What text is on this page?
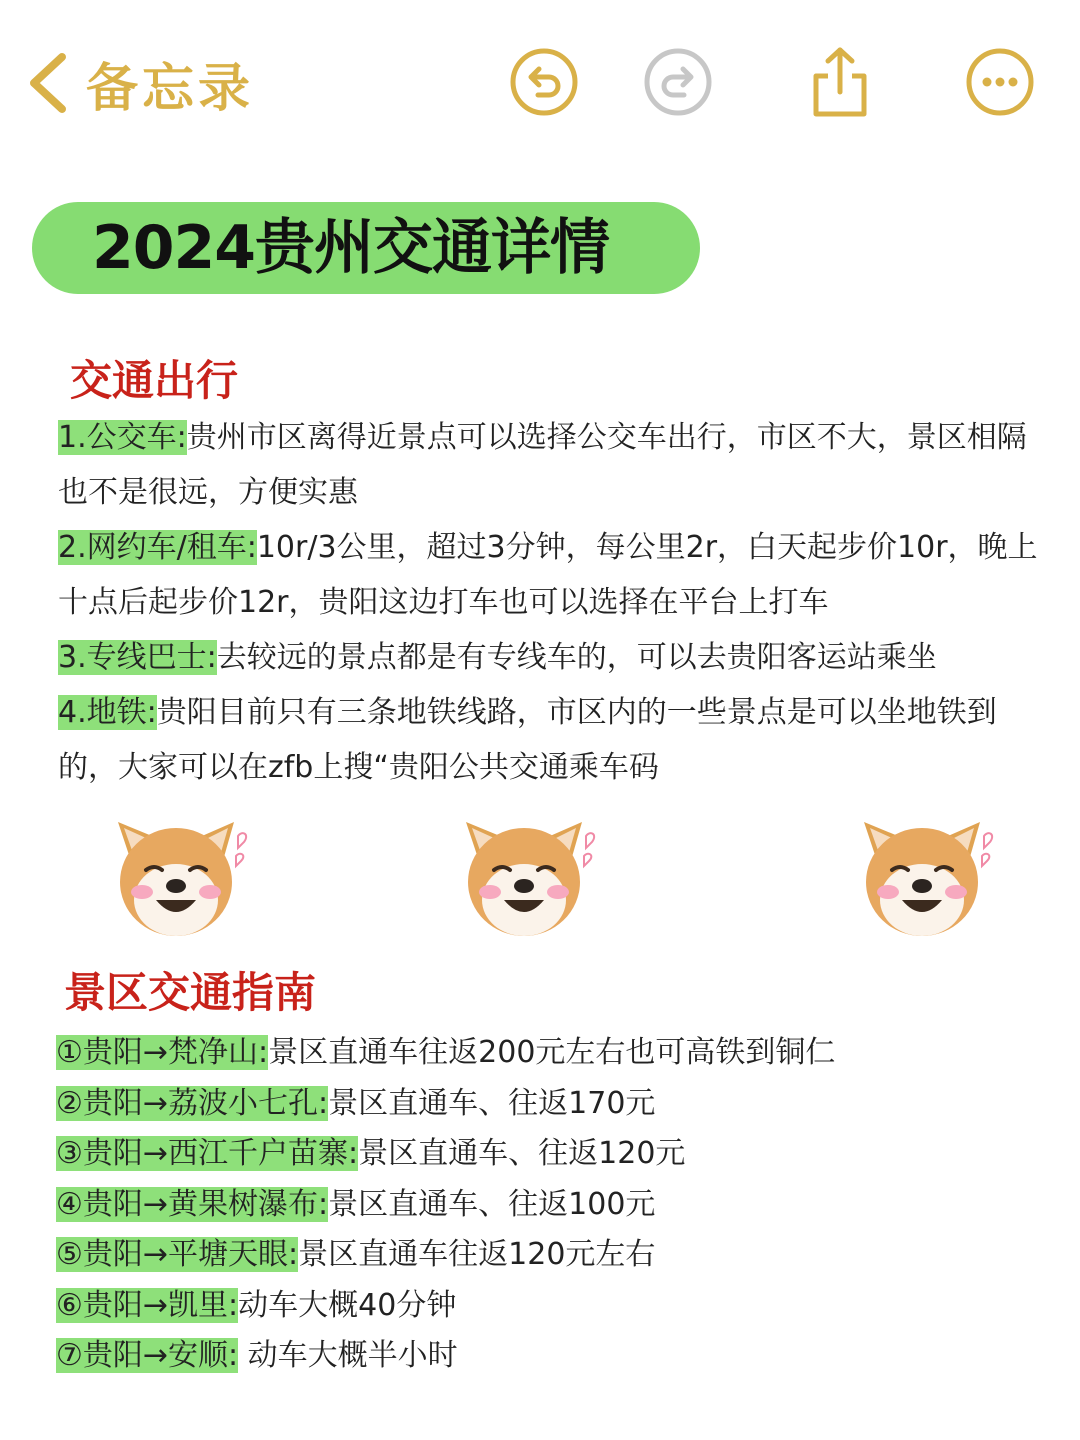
备忘录
2024贵州交通详情
交通出行
1.公交车:贵州市区离得近景点可以选择公交车出行，市区不大，景区相隔也不是很远，方便实惠
2.网约车/租车:10r/3公里，超过3分钟，每公里2r，白天起步价10r，晚上十点后起步价12r，贵阳这边打车也可以选择在平台上打车
3.专线巴士:去较远的景点都是有专线车的，可以去贵阳客运站乘坐
4.地铁:贵阳目前只有三条地铁线路，市区内的一些景点是可以坐地铁到的，大家可以在zfb上搜“贵阳公共交通乘车码
景区交通指南
①贵阳→梵净山:景区直通车往返200元左右也可高铁到铜仁
②贵阳→荔波小七孔:景区直通车、往返170元
③贵阳→西江千户苗寨:景区直通车、往返120元
④贵阳→黄果树瀑布:景区直通车、往返100元
⑤贵阳→平塘天眼:景区直通车往返120元左右
⑥贵阳→凯里:动车大概40分钟
⑦贵阳→安顺: 动车大概半小时
